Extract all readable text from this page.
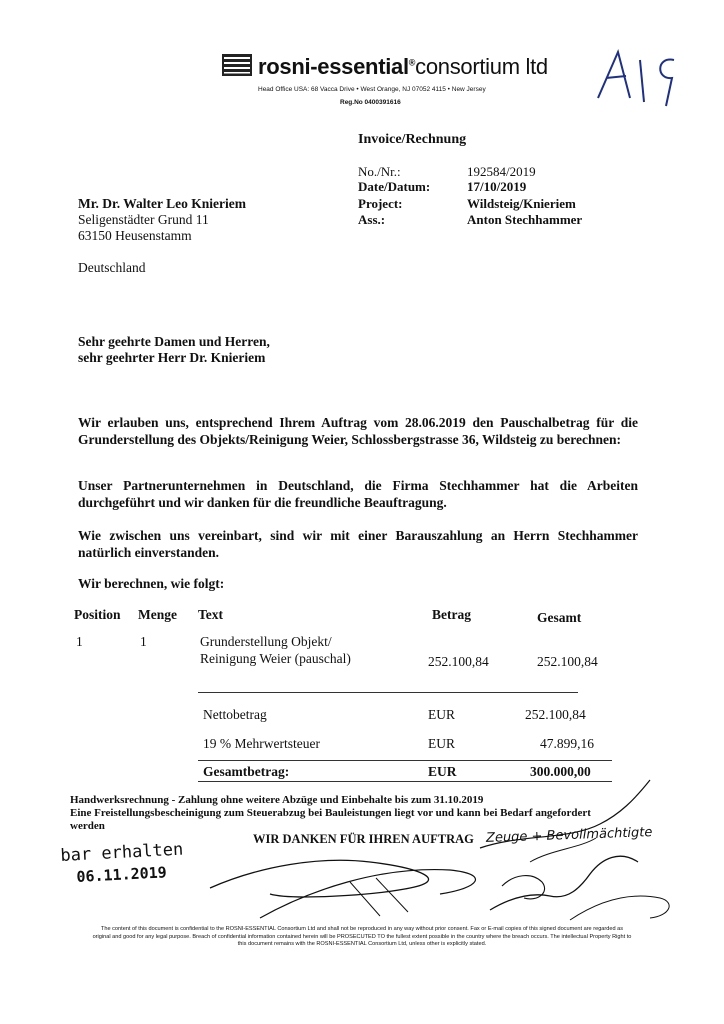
rosni-essential®consortium ltd
Head Office USA: 68 Vacca Drive • West Orange, NJ 07052 4115 • New Jersey
Reg.No 0400391616
Invoice/Rechnung
No./Nr.:	192584/2019
Date/Datum:	17/10/2019
Project:	Wildsteig/Knieriem
Ass.:	Anton Stechhammer
Mr. Dr. Walter Leo Knieriem
Seligenstädter Grund 11
63150 Heusenstamm
Deutschland
Sehr geehrte Damen und Herren,
sehr geehrter Herr Dr. Knieriem
Wir erlauben uns, entsprechend Ihrem Auftrag vom 28.06.2019 den Pauschalbetrag für die Grunderstellung des Objekts/Reinigung Weier, Schlossbergstrasse 36, Wildsteig zu berechnen:
Unser Partnerunternehmen in Deutschland, die Firma Stechhammer hat die Arbeiten durchgeführt und wir danken für die freundliche Beauftragung.
Wie zwischen uns vereinbart, sind wir mit einer Barauszahlung an Herrn Stechhammer natürlich einverstanden.
Wir berechnen, wie folgt:
Position Menge Text	Betrag	Gesamt
1	1	Grunderstellung Objekt/
Reinigung Weier (pauschal)	252.100,84	252.100,84
Nettobetrag	EUR	252.100,84
19 % Mehrwertsteuer	EUR	47.899,16
Gesamtbetrag:	EUR	300.000,00
Handwerksrechnung - Zahlung ohne weitere Abzüge und Einbehalte bis zum 31.10.2019
Eine Freistellungsbescheinigung zum Steuerabzug bei Bauleistungen liegt vor und kann bei Bedarf angefordert
werden
WIR DANKEN FÜR IHREN AUFTRAG
bar erhalten
06.11.2019
Zeuge + Bevollmächtigte
The content of this document is confidential to the ROSNI-ESSENTIAL Consortium Ltd and shall not be reproduced in any way without prior consent. Fax or E-mail copies of this signed document are regarded as original and good for any legal purpose. Breach of confidential information contained herein will be PROSECUTED TO the fullest extent possible in the country where the breach occurs. The intellectual Property Right to this document remains with the ROSNI-ESSENTIAL Consortium Ltd, unless other is explicitly stated.
